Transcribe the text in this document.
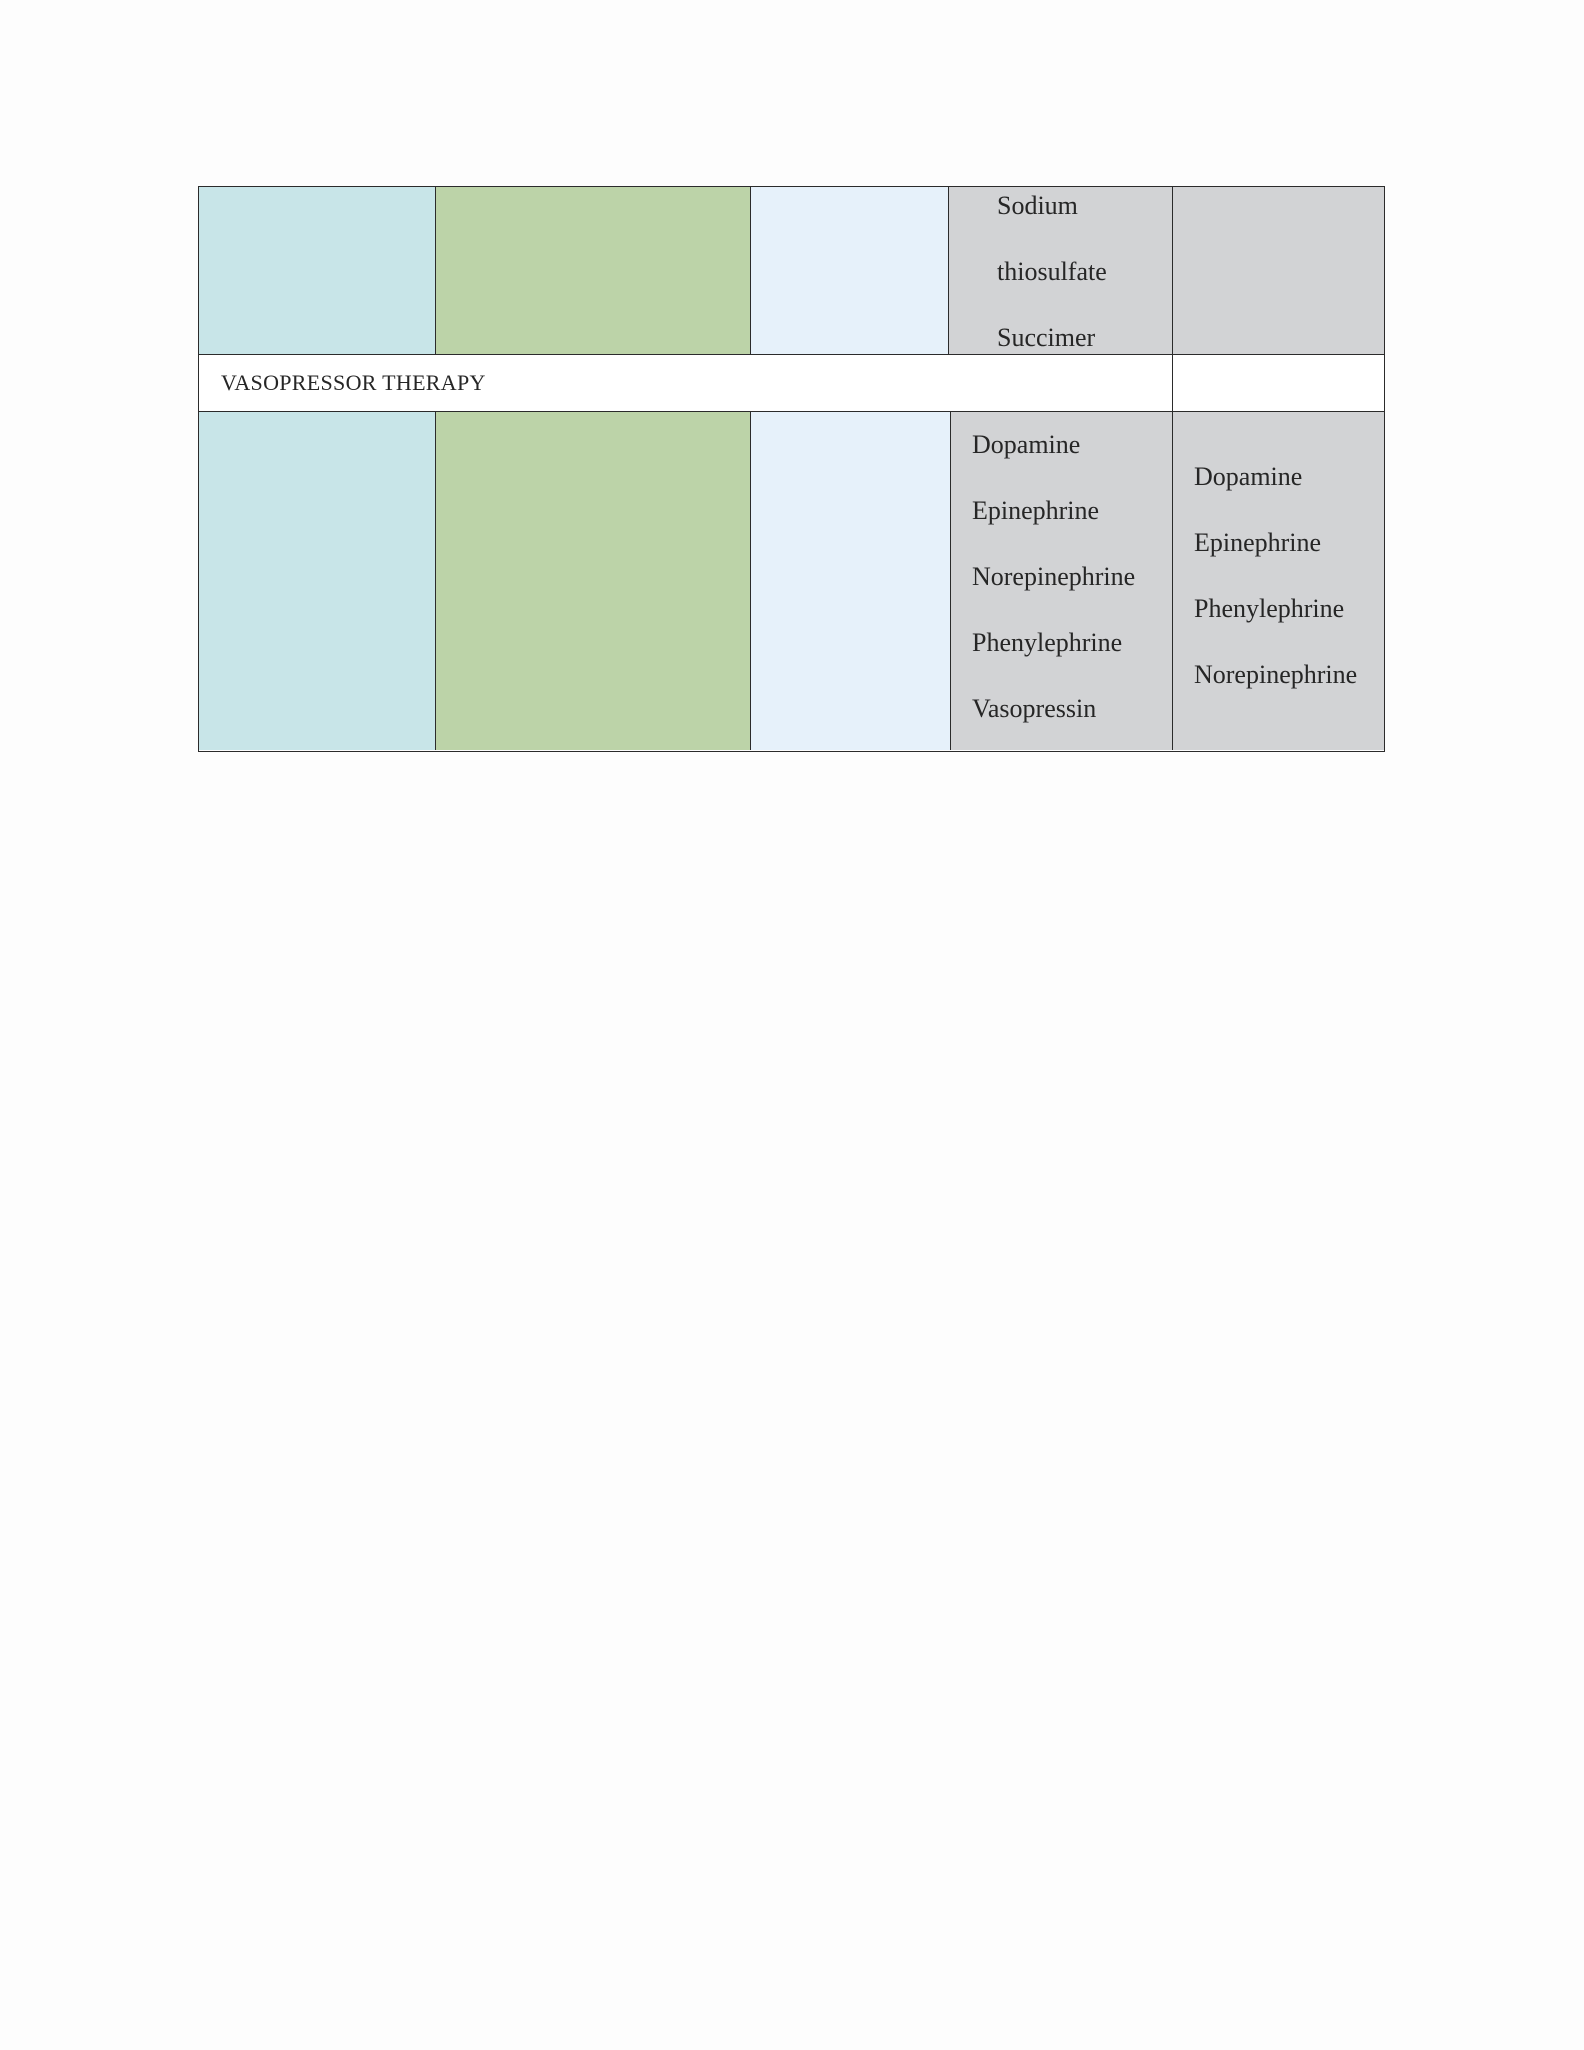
Sodium
thiosulfate
Succimer
VASOPRESSOR THERAPY
Dopamine
Epinephrine
Norepinephrine
Phenylephrine
Vasopressin
Dopamine
Epinephrine
Phenylephrine
Norepinephrine
